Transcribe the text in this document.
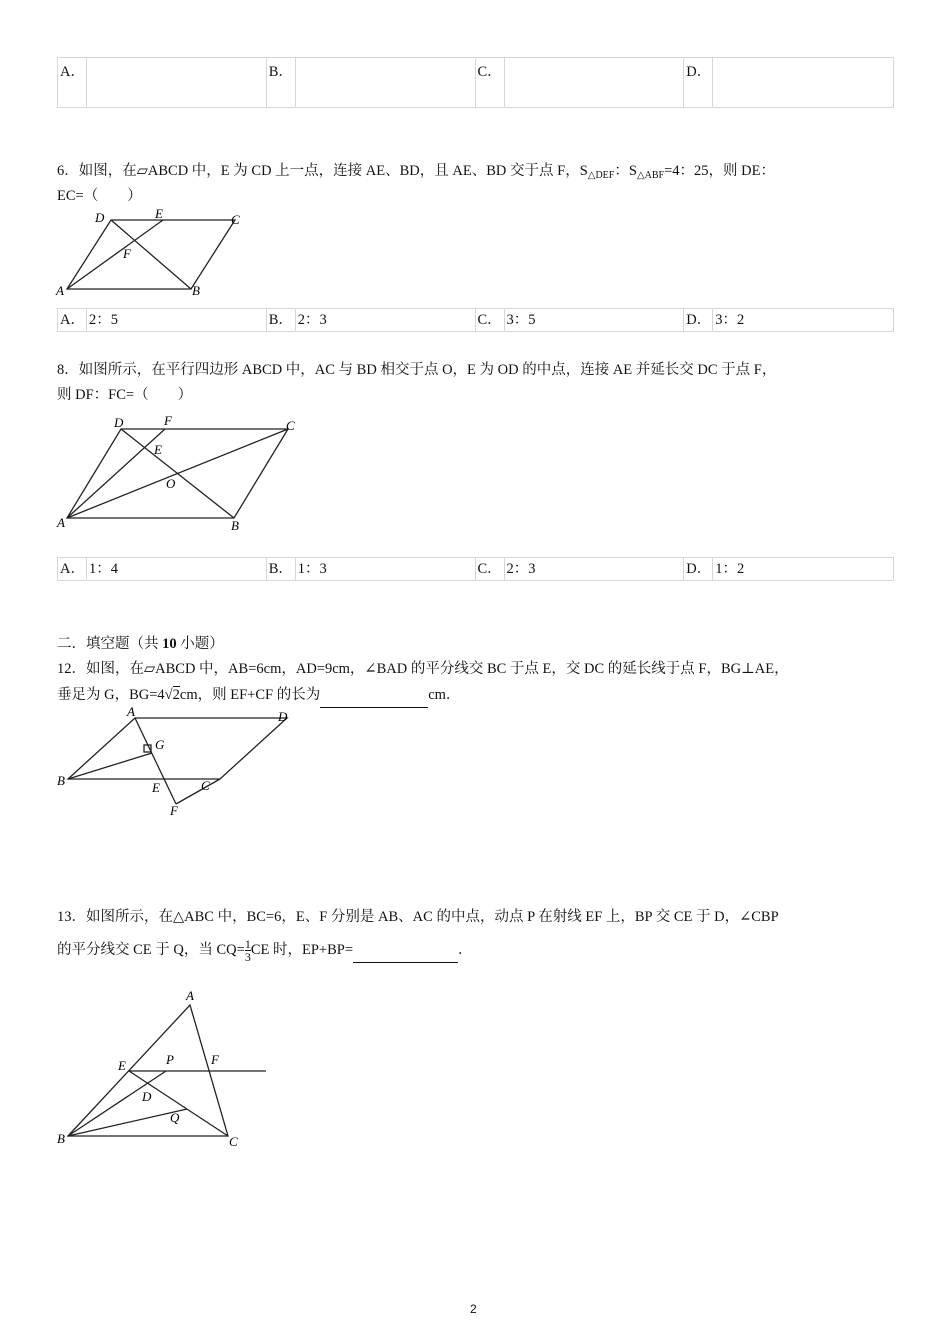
A．	B．	C．	D．
6．如图，在▱ABCD 中，E 为 CD 上一点，连接 AE、BD，且 AE、BD 交于点 F，$S_{\triangle DEF}$：$S_{\triangle ABF}=4$：25，则 DE：
EC=（　　）
D	E	C
F
A	B
A． 2：5	B． 2：3	C． 3：5	D． 3：2
8．如图所示，在平行四边形 ABCD 中，AC 与 BD 相交于点 O，E 为 OD 的中点，连接 AE 并延长交 DC 于点 F，
则 DF：FC=（　　）
D	F	C
E
O
A	B
A． 1：4	B． 1：3	C． 2：3	D． 1：2
二．填空题（共 10 小题）
12．如图，在▱ABCD 中，AB=6cm，AD=9cm，∠BAD 的平分线交 BC 于点 E，交 DC 的延长线于点 F，BG⊥AE，
垂足为 G，BG=4√2cm，则 EF+CF 的长为	cm．
A	D
G
B	E	C
F
13．如图所示，在△ABC 中，BC=6，E、F 分别是 AB、AC 的中点，动点 P 在射线 EF 上，BP 交 CE 于 D，∠CBP
的平分线交 CE 于 Q，当 $CQ= \frac{1}{3}$ CE 时，EP+BP=	．
A
E	P	F
D
Q
B	C
2
